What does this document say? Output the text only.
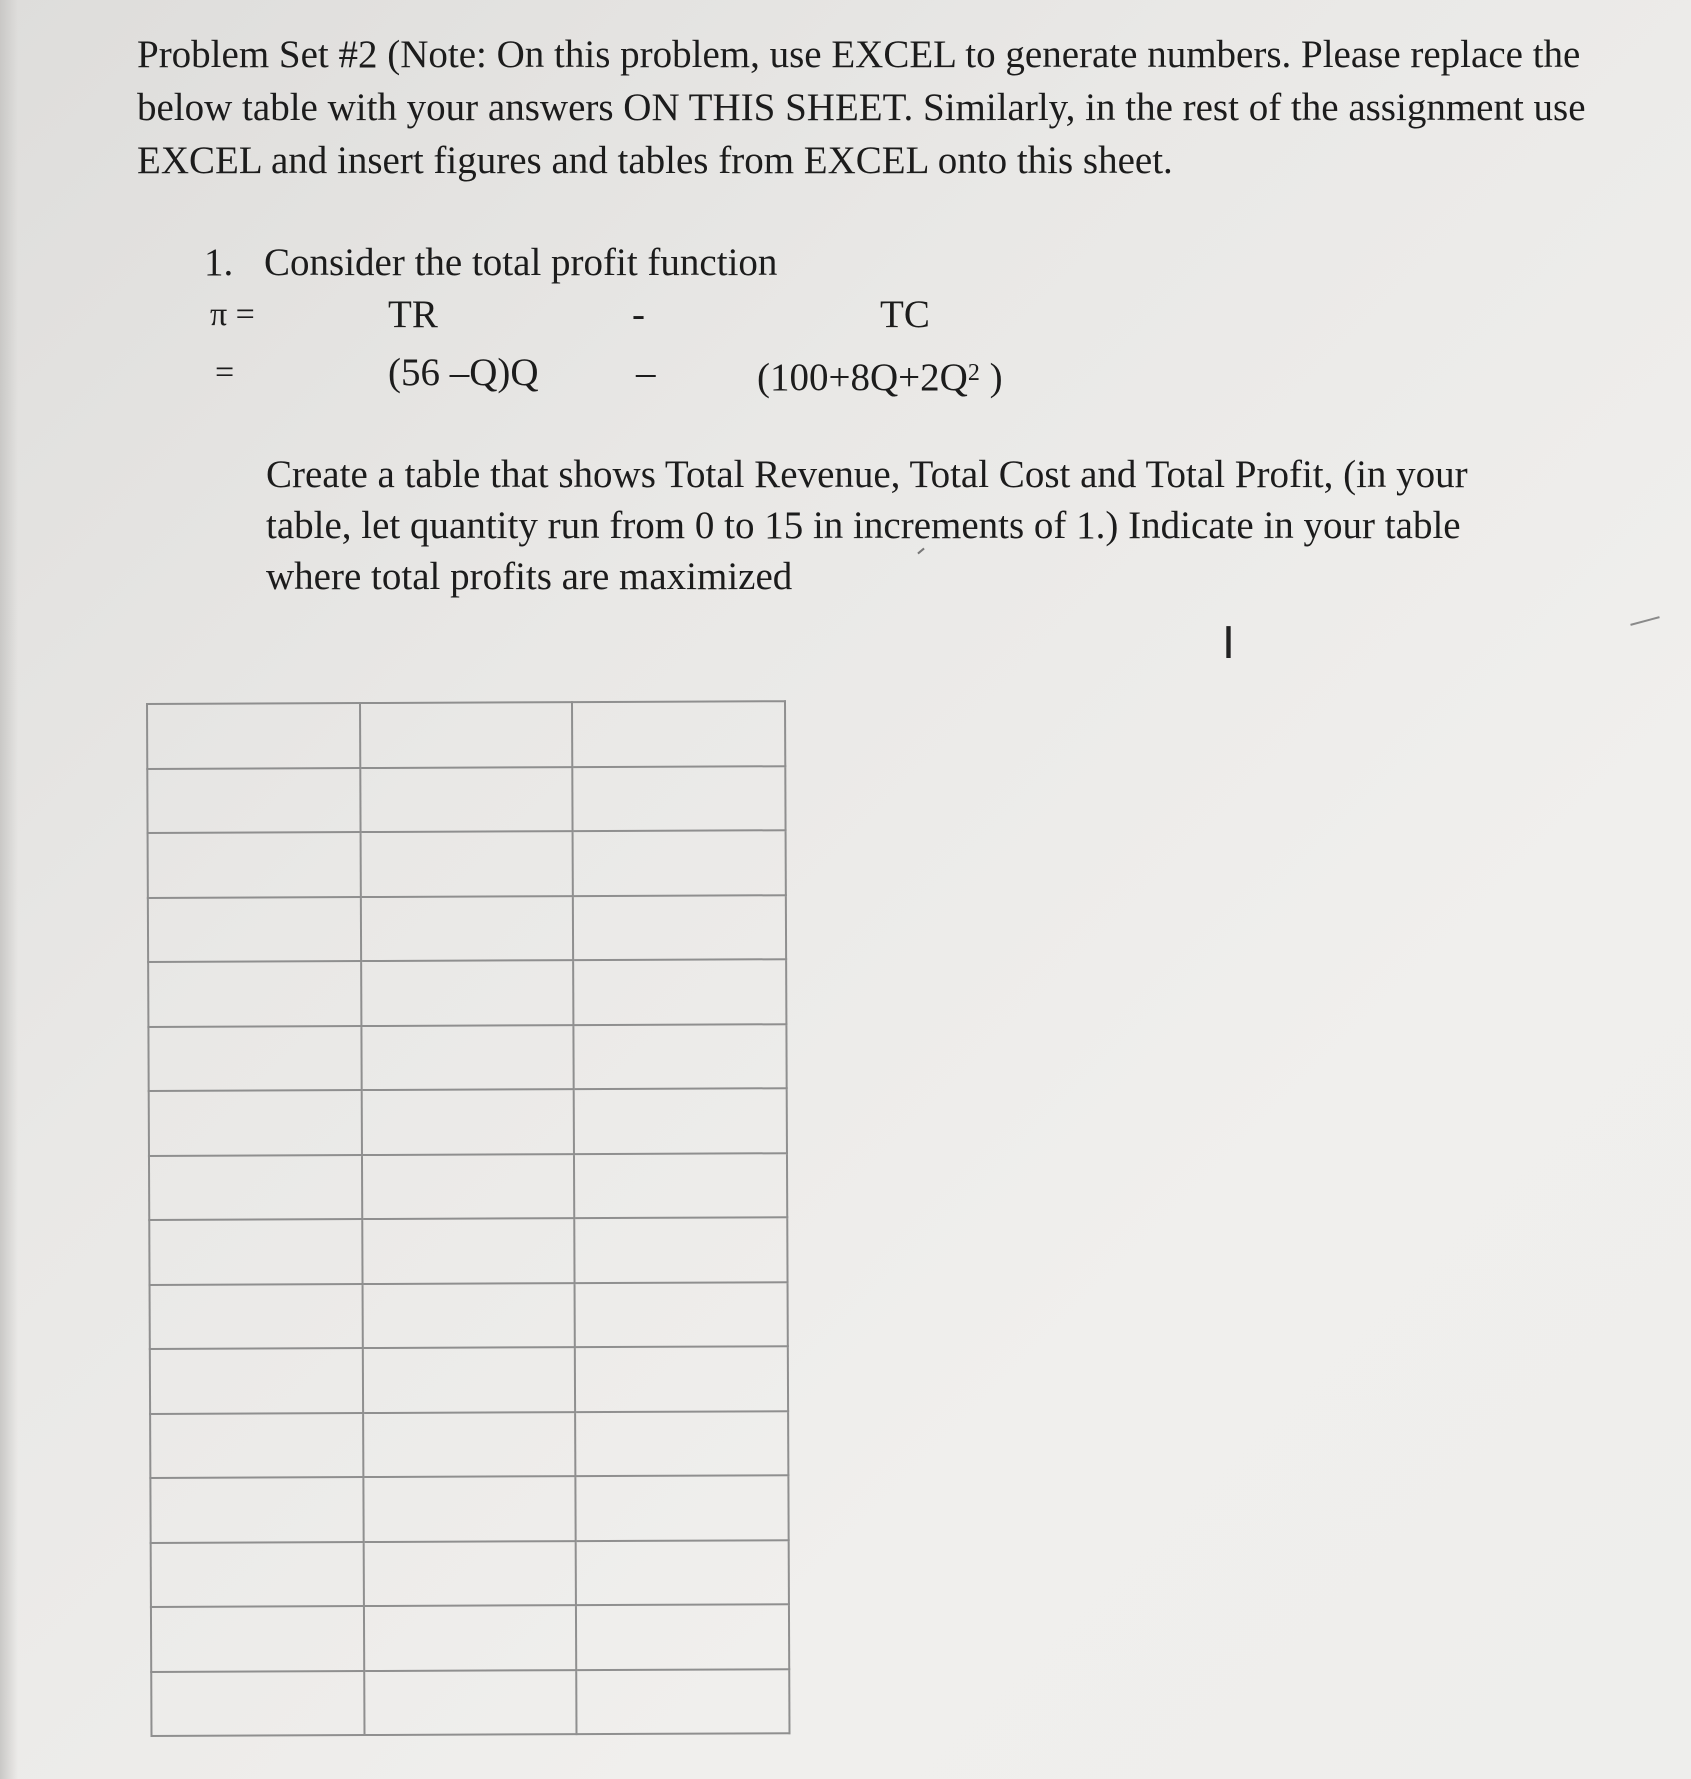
Problem Set #2 (Note: On this problem, use EXCEL to generate numbers. Please replace the below table with your answers ON THIS SHEET. Similarly, in the rest of the assignment use EXCEL and insert figures and tables from EXCEL onto this sheet.

1. Consider the total profit function
π =	TR	-	TC
=	(56 –Q)Q –	($100+8Q+2Q^2$ )

Create a table that shows Total Revenue, Total Cost and Total Profit, (in your table, let quantity run from 0 to 15 in increments of 1.) Indicate in your table where total profits are maximized

I
